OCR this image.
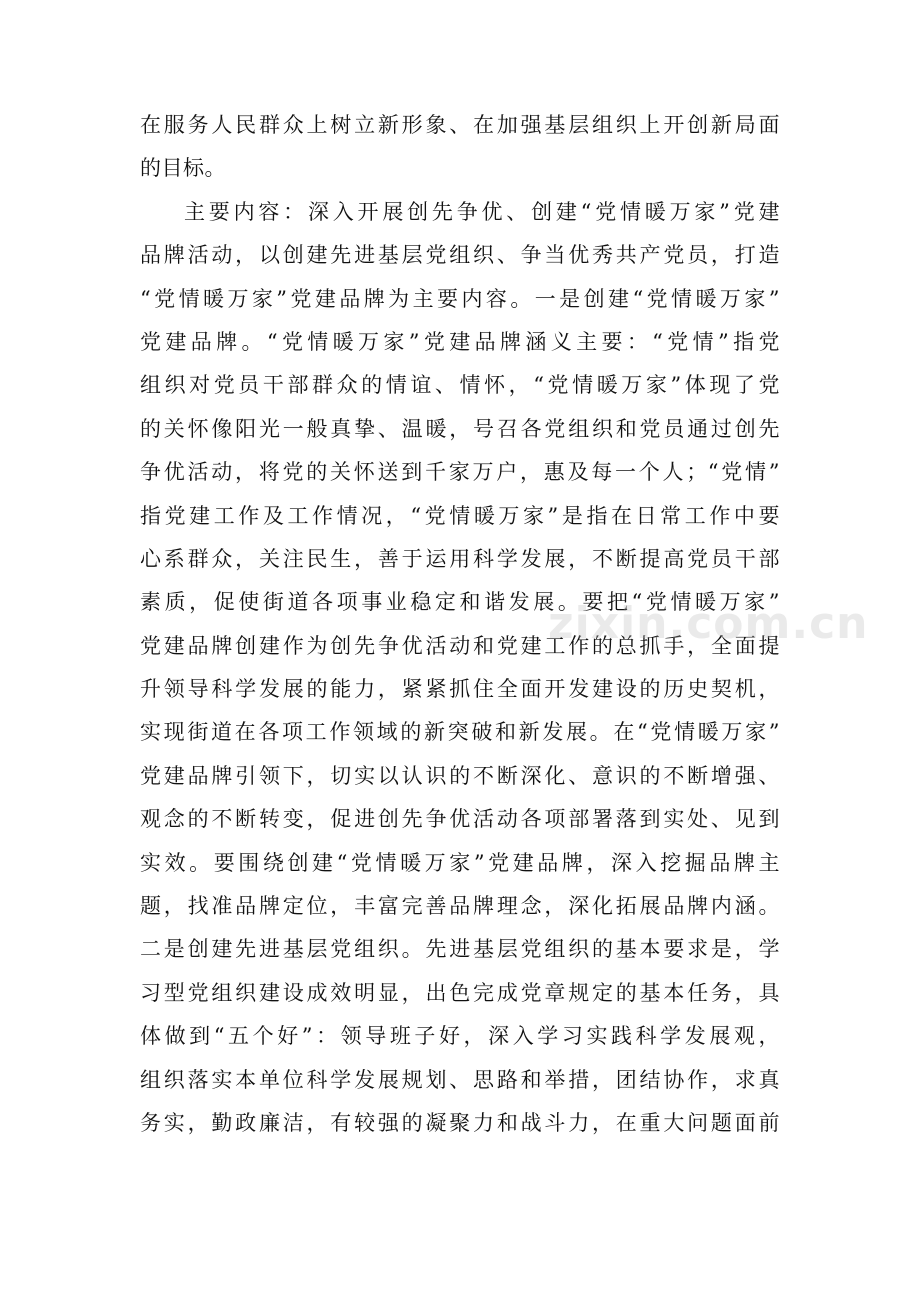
在服务人民群众上树立新形象、在加强基层组织上开创新局面
的目标。
主要内容：深入开展创先争优、创建“党情暖万家”党建
品牌活动，以创建先进基层党组织、争当优秀共产党员，打造
“党情暖万家”党建品牌为主要内容。一是创建“党情暖万家”
党建品牌。“党情暖万家”党建品牌涵义主要：“党情”指党
组织对党员干部群众的情谊、情怀，“党情暖万家”体现了党
的关怀像阳光一般真挚、温暖，号召各党组织和党员通过创先
争优活动，将党的关怀送到千家万户，惠及每一个人；“党情”
指党建工作及工作情况，“党情暖万家”是指在日常工作中要
心系群众，关注民生，善于运用科学发展，不断提高党员干部
素质，促使街道各项事业稳定和谐发展。要把“党情暖万家”
党建品牌创建作为创先争优活动和党建工作的总抓手，全面提
升领导科学发展的能力，紧紧抓住全面开发建设的历史契机，
实现街道在各项工作领域的新突破和新发展。在“党情暖万家”
党建品牌引领下，切实以认识的不断深化、意识的不断增强、
观念的不断转变，促进创先争优活动各项部署落到实处、见到
实效。要围绕创建“党情暖万家”党建品牌，深入挖掘品牌主
题，找准品牌定位，丰富完善品牌理念，深化拓展品牌内涵。
二是创建先进基层党组织。先进基层党组织的基本要求是，学
习型党组织建设成效明显，出色完成党章规定的基本任务，具
体做到“五个好”：领导班子好，深入学习实践科学发展观，
组织落实本单位科学发展规划、思路和举措，团结协作，求真
务实，勤政廉洁，有较强的凝聚力和战斗力，在重大问题面前
zixin.com.cn
